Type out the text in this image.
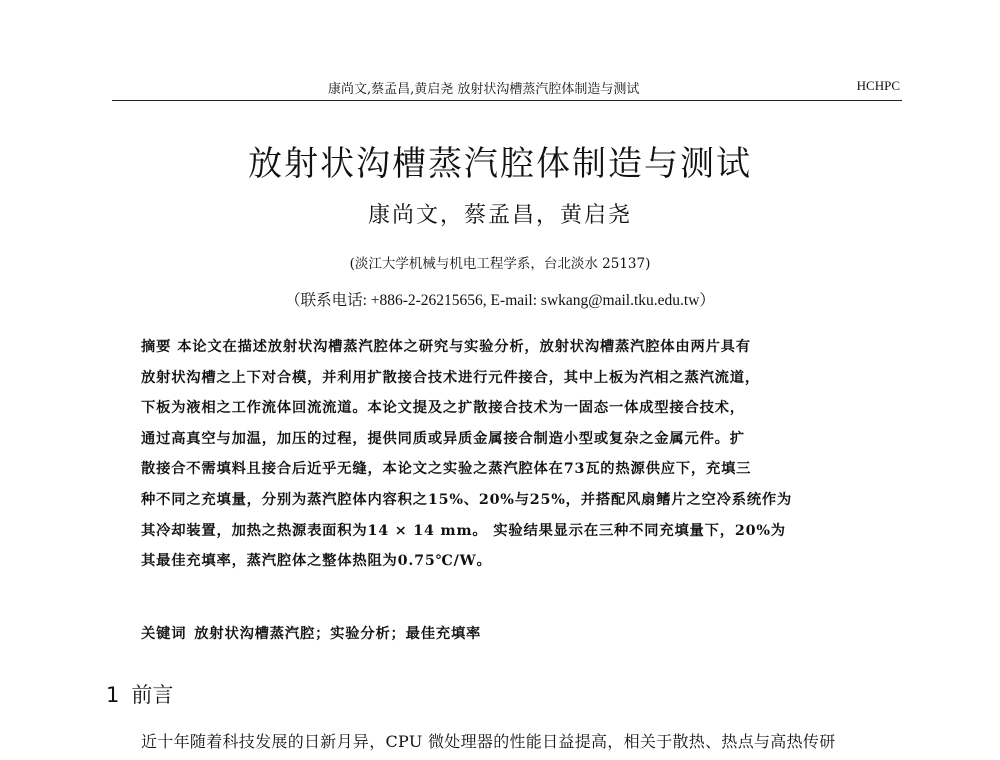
康尚文,蔡孟昌,黄启尧 放射状沟槽蒸汽腔体制造与测试	HCHPC
放射状沟槽蒸汽腔体制造与测试
康尚文，蔡孟昌，黄启尧
(淡江大学机械与机电工程学系，台北淡水 25137)
（联系电话: +886-2-26215656, E-mail: swkang@mail.tku.edu.tw）
摘要 本论文在描述放射状沟槽蒸汽腔体之研究与实验分析，放射状沟槽蒸汽腔体由两片具有
放射状沟槽之上下对合模，并利用扩散接合技术进行元件接合，其中上板为汽相之蒸汽流道，
下板为液相之工作流体回流流道。本论文提及之扩散接合技术为一固态一体成型接合技术，
通过高真空与加温，加压的过程，提供同质或异质金属接合制造小型或复杂之金属元件。扩
散接合不需填料且接合后近乎无缝，本论文之实验之蒸汽腔体在73瓦的热源供应下，充填三
种不同之充填量，分别为蒸汽腔体内容积之15%、20%与25%，并搭配风扇鳍片之空冷系统作为
其冷却装置，加热之热源表面积为14 × 14 mm。 实验结果显示在三种不同充填量下，20%为
其最佳充填率，蒸汽腔体之整体热阻为0.75℃/W。
关键词 放射状沟槽蒸汽腔；实验分析；最佳充填率
1 前言
近十年随着科技发展的日新月异，CPU 微处理器的性能日益提高，相关于散热、热点与高热传研
